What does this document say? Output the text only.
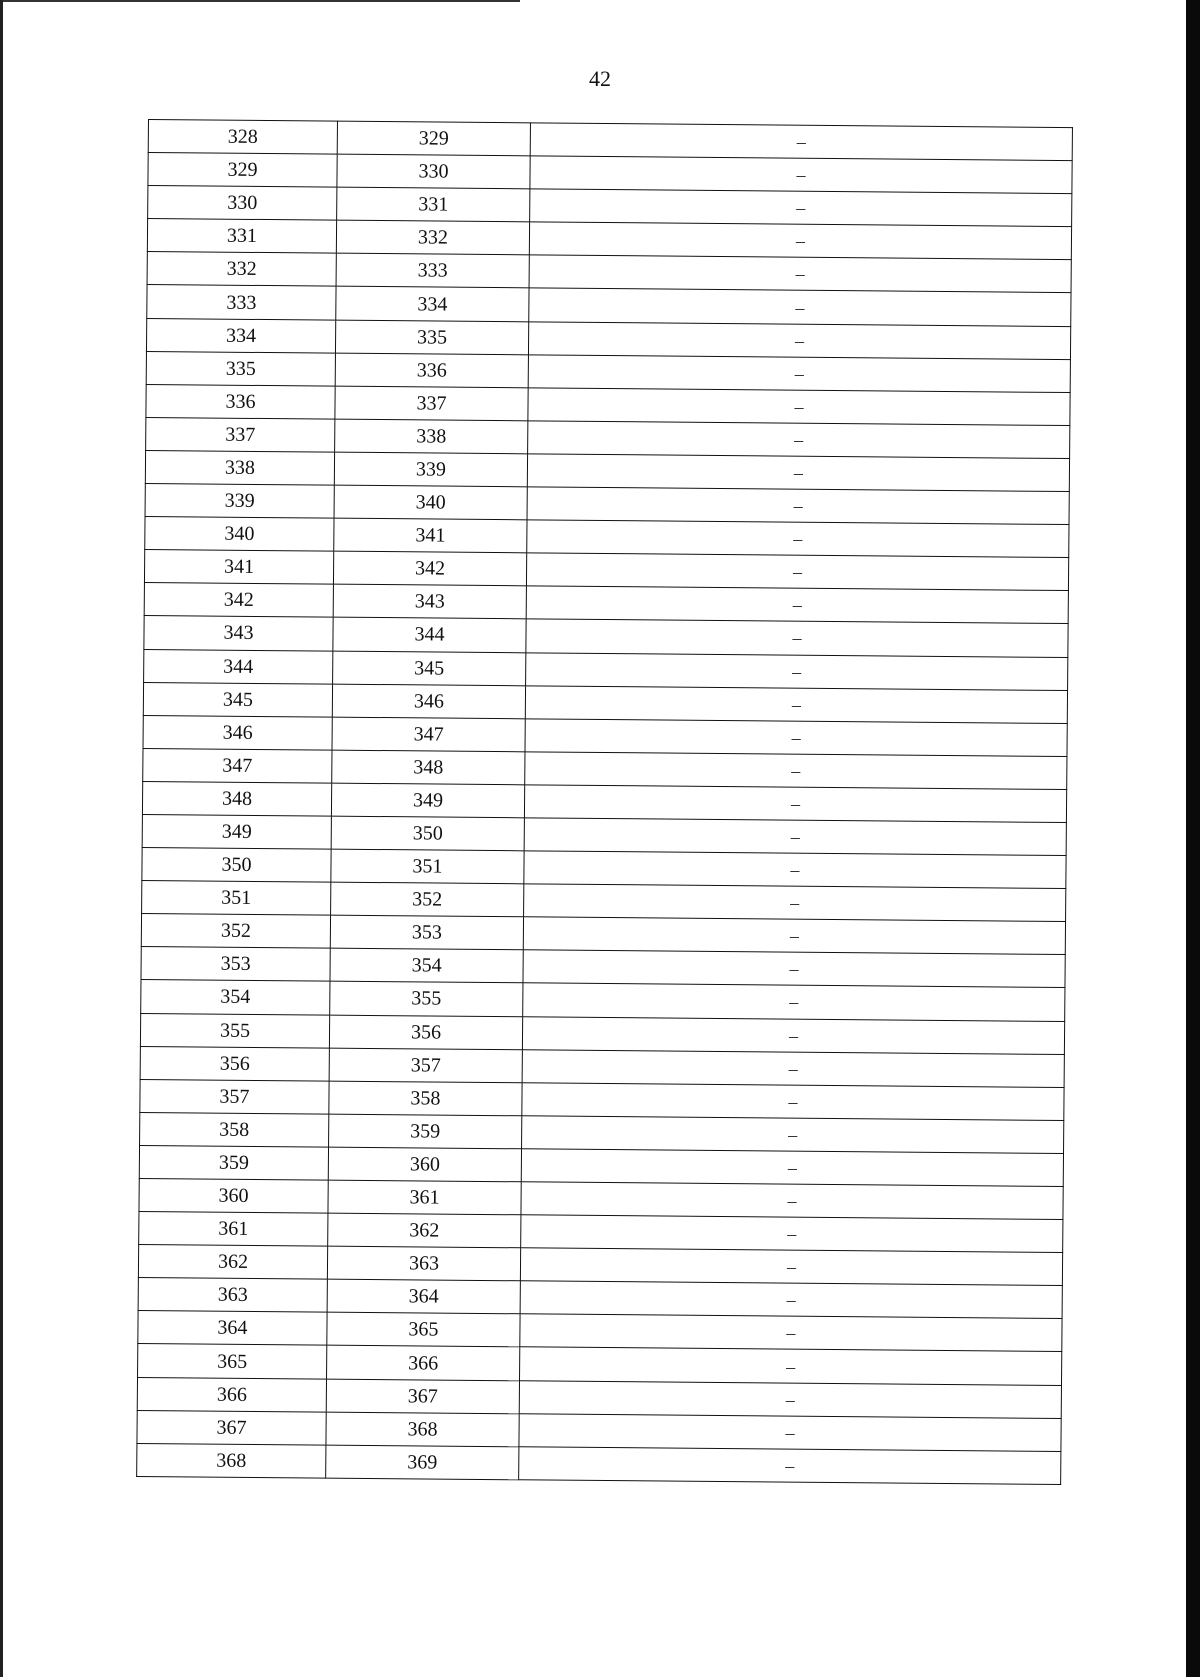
42
328	329	–
329	330	–
330	331	–
331	332	–
332	333	–
333	334	–
334	335	–
335	336	–
336	337	–
337	338	–
338	339	–
339	340	–
340	341	–
341	342	–
342	343	–
343	344	–
344	345	–
345	346	–
346	347	–
347	348	–
348	349	–
349	350	–
350	351	–
351	352	–
352	353	–
353	354	–
354	355	–
355	356	–
356	357	–
357	358	–
358	359	–
359	360	–
360	361	–
361	362	–
362	363	–
363	364	–
364	365	–
365	366	–
366	367	–
367	368	–
368	369	–
